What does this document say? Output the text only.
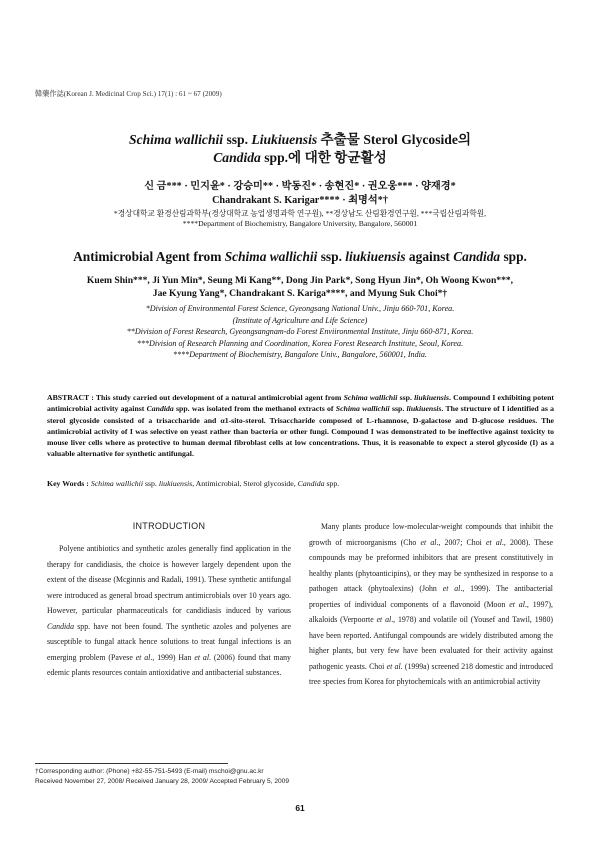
韓藥作誌(Korean J. Medicinal Crop Sci.) 17(1) : 61 ~ 67 (2009)
Schima wallichii ssp. Liukiuensis 추출물 Sterol Glycoside의
Candida spp.에 대한 항균활성
신 금*** · 민지윤* · 강승미** · 박동진* · 송현진* · 권오웅*** · 양재경*
Chandrakant S. Karigar**** · 최명석*†
*경상대학교 환경산림과학부(경상대학교 농업생명과학 연구원), **경상남도 산림환경연구원, ***국립산림과학원,
****Department of Biochemistry, Bangalore University, Bangalore, 560001
Antimicrobial Agent from Schima wallichii ssp. liukiuensis against Candida spp.
Kuem Shin***, Ji Yun Min*, Seung Mi Kang**, Dong Jin Park*, Song Hyun Jin*, Oh Woong Kwon***,
Jae Kyung Yang*, Chandrakant S. Kariga****, and Myung Suk Choi*†
*Division of Environmental Forest Science, Gyeongsang National Univ., Jinju 660-701, Korea.
(Institute of Agriculture and Life Science)
**Division of Forest Research, Gyeongsangnam-do Forest Enviironmental Institute, Jinju 660-871, Korea.
***Division of Research Planning and Coordination, Korea Forest Research Institute, Seoul, Korea.
****Department of Biochemistry, Bangalore Univ., Bangalore, 560001, India.

ABSTRACT : This study carried out development of a natural antimicrobial agent from Schima wallichii ssp. liukiuensis. Compound I exhibiting potent antimicrobial activity against Candida spp. was isolated from the methanol extracts of Schima wallichii ssp. liukiuensis. The structure of I identified as a sterol glycoside consisted of a trisaccharide and α1-sito-sterol. Trisaccharide composed of L-rhamnose, D-galactose and D-glucose residues. The antimicrobial activity of I was selective on yeast rather than bacteria or other fungi. Compound I was demonstrated to be ineffective against toxicity to mouse liver cells where as protective to human dermal fibroblast cells at low concentrations. Thus, it is reasonable to expect a sterol glycoside (I) as a valuable alternative for synthetic antifungal.

Key Words : Schima wallichii ssp. liukiuensis, Antimicrobial, Sterol glycoside, Candida spp.
INTRODUCTION

Polyene antibiotics and synthetic azoles generally find application in the therapy for candidiasis, the choice is however largely dependent upon the extent of the disease (Mcginnis and Radali, 1991). These synthetic antifungal were introduced as general broad spectrum antimicrobials over 10 years ago. However, particular pharmaceuticals for candidiasis induced by various Candida spp. have not been found. The synthetic azoles and polyenes are susceptible to fungal attack hence solutions to treat fungal infections is an emerging problem (Pavese et al., 1999) Han et al. (2006) found that many edemic plants resources contain antioxidative and antibacterial substances.

Many plants produce low-molecular-weight compounds that inhibit the growth of microorganisms (Cho et al., 2007; Choi et al., 2008). These compounds may be preformed inhibitors that are present constitutively in healthy plants (phytoanticipins), or they may be synthesized in response to a pathogen attack (phytoalexins) (John et al., 1999). The antibacterial properties of individual components of a flavonoid (Moon et al., 1997), alkaloids (Verpoorte et al., 1978) and volatile oil (Yousef and Tawil, 1980) have been reported. Antifungal compounds are widely distributed among the higher plants, but very few have been evaluated for their activity against pathogenic yeasts. Choi et al. (1999a) screened 218 domestic and introduced tree species from Korea for phytochemicals with an antimicrobial activity

†Corresponding author: (Phone) +82-55-751-5493 (E-mail) mschoi@gnu.ac.kr
Received November 27, 2008/ Received January 28, 2009/ Accepted February 5, 2009
61
